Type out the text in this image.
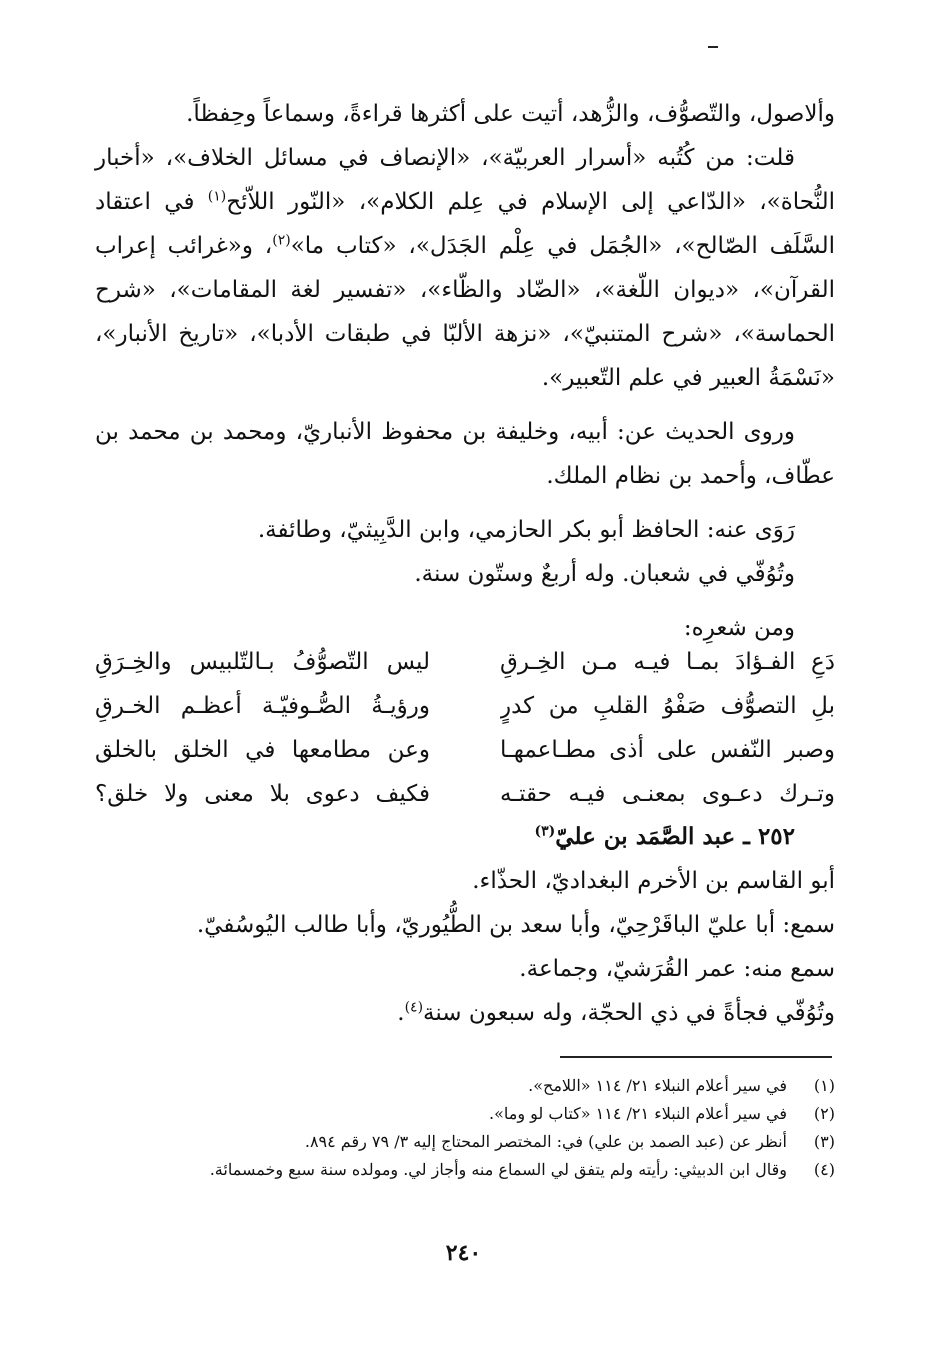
وألاصول، والتّصوُّف، والزُّهد، أتيت على أكثرها قراءةً، وسماعاً وحِفظاً.

قلت: من كُتُبه «أسرار العربيّة»، «الإنصاف في مسائل الخلاف»، «أخبار النُّحاة»، «الدّاعي إلى الإسلام في عِلم الكلام»، «النّور اللاّئح$^{(١)}$ في اعتقاد السَّلَف الصّالح»، «الجُمَل في عِلْم الجَدَل»، «كتاب ما»$^{(٢)}$، و«غرائب إعراب القرآن»، «ديوان اللّغة»، «الضّاد والظّاء»، «تفسير لغة المقامات»، «شرح الحماسة»، «شرح المتنبيّ»، «نزهة الألبّا في طبقات الأدبا»، «تاريخ الأنبار»، «نَسْمَةُ العبير في علم التّعبير».

وروى الحديث عن: أبيه، وخليفة بن محفوظ الأنباريّ، ومحمد بن محمد بن عطّاف، وأحمد بن نظام الملك.

رَوَى عنه: الحافظ أبو بكر الحازمي، وابن الدَّبِيثيّ، وطائفة.
وتُوُفّي في شعبان. وله أربعٌ وستّون سنة.

ومن شعرِه:

دَعِ الفـؤادَ بمـا فيـه مـن الخِـرقِ
ليس التّصوُّفُ بـالتّلبيس والخِـرَقِ
بلِ التصوُّف صَفْوُ القلبِ من كدرٍ
ورؤيـةُ الصُّـوفيّـة أعظـم الخـرقِ
وصبر النّفس على أذى مطـاعمهـا
وعن مطامعها في الخلق بالخلق
وتـرك دعـوى بمعنـى فيـه حقتـه
فكيف دعوى بلا معنى ولا خلق؟
٢٥٢ ـ عبد الصَّمَد بن عليّ$^{(٣)}$
أبو القاسم بن الأخرم البغداديّ، الحذّاء.
سمع: أبا عليّ الباقَرْحِيّ، وأبا سعد بن الطُّيُوريّ، وأبا طالب اليُوسُفيّ.
سمع منه: عمر القُرَشيّ، وجماعة.
وتُوُفّي فجأةً في ذي الحجّة، وله سبعون سنة$^{(٤)}$.
(١)
في سير أعلام النبلاء ٢١/ ١١٤ «اللامح».
(٢)
في سير أعلام النبلاء ٢١/ ١١٤ «كتاب لو وما».
(٣)
أنظر عن (عبد الصمد بن علي) في: المختصر المحتاج إليه ٣/ ٧٩ رقم ٨٩٤.
(٤)
وقال ابن الدبيثي: رأيته ولم يتفق لي السماع منه وأجاز لي. ومولده سنة سبع وخمسمائة.
٢٤٠
